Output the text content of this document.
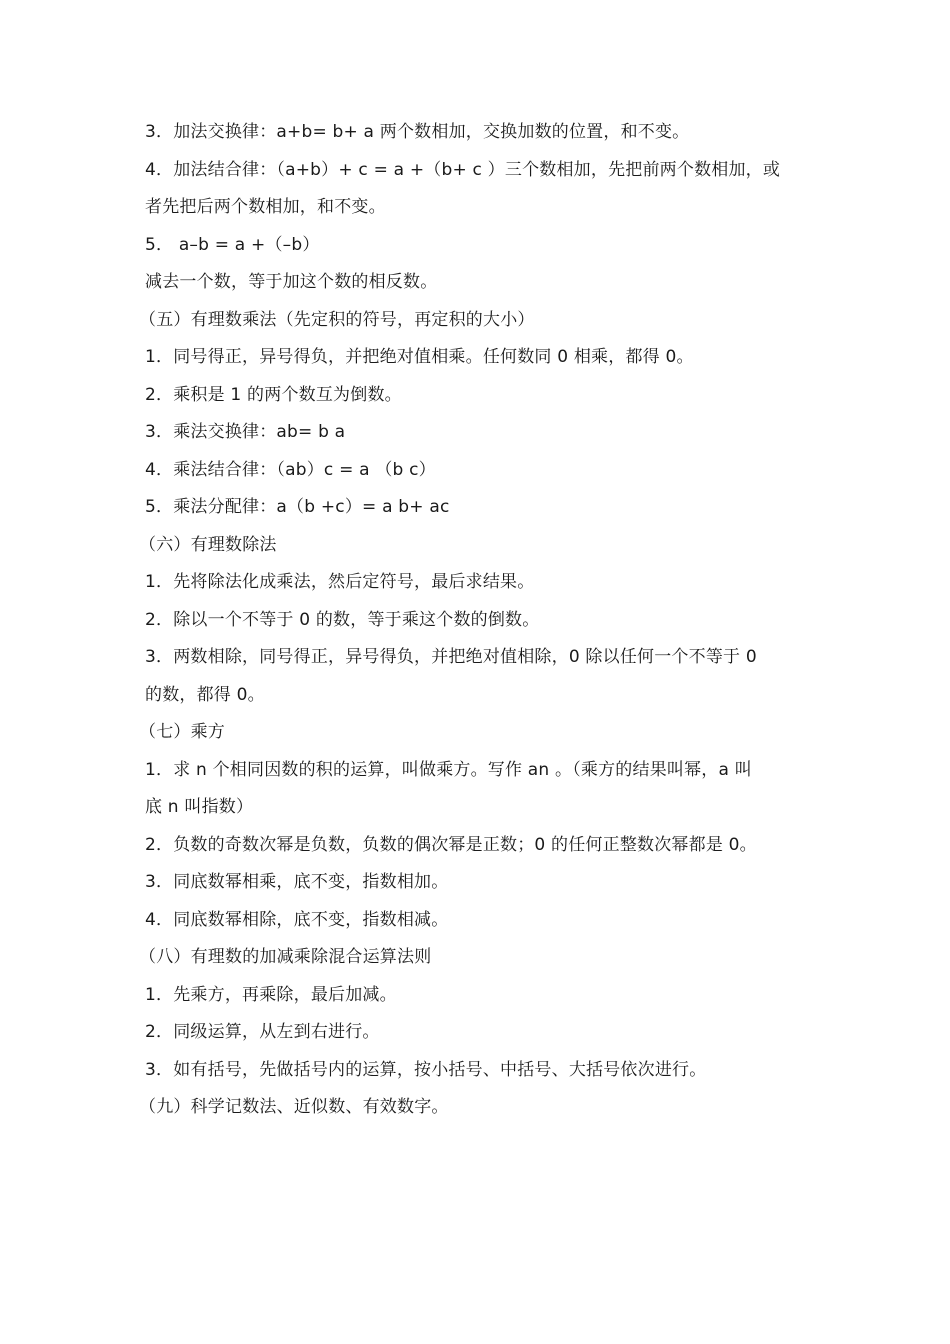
3．加法交换律：a+b= b+ a 两个数相加，交换加数的位置，和不变。
4．加法结合律：（a+b）+ c = a +（b+ c ）三个数相加，先把前两个数相加，或
者先把后两个数相加，和不变。
5． a–b = a +（–b）
减去一个数，等于加这个数的相反数。
（五）有理数乘法（先定积的符号，再定积的大小）
1．同号得正，异号得负，并把绝对值相乘。任何数同 0 相乘，都得 0。
2．乘积是 1 的两个数互为倒数。
3．乘法交换律：ab= b a
4．乘法结合律：（ab）c = a （b c）
5．乘法分配律：a（b +c）= a b+ ac
（六）有理数除法
1．先将除法化成乘法，然后定符号，最后求结果。
2．除以一个不等于 0 的数，等于乘这个数的倒数。
3．两数相除，同号得正，异号得负，并把绝对值相除，0 除以任何一个不等于 0
的数，都得 0。
（七）乘方
1．求 n 个相同因数的积的运算，叫做乘方。写作 an 。（乘方的结果叫幂，a 叫
底 n 叫指数）
2．负数的奇数次幂是负数，负数的偶次幂是正数；0 的任何正整数次幂都是 0。
3．同底数幂相乘，底不变，指数相加。
4．同底数幂相除，底不变，指数相减。
（八）有理数的加减乘除混合运算法则
1．先乘方，再乘除，最后加减。
2．同级运算，从左到右进行。
3．如有括号，先做括号内的运算，按小括号、中括号、大括号依次进行。
（九）科学记数法、近似数、有效数字。
